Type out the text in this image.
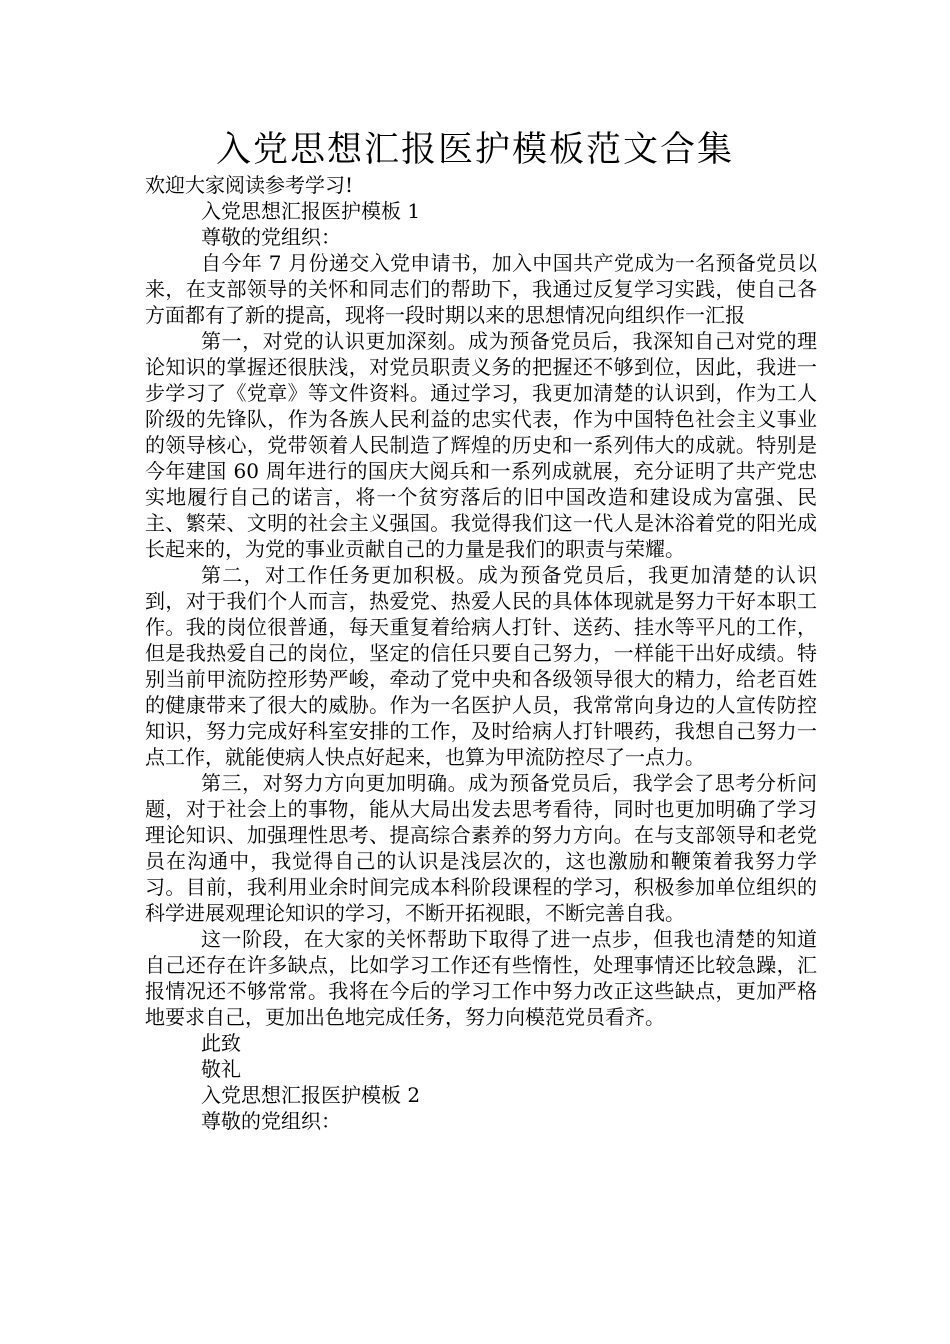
入党思想汇报医护模板范文合集

欢迎大家阅读参考学习!

入党思想汇报医护模板 1

尊敬的党组织：

自今年 7 月份递交入党申请书，加入中国共产党成为一名预备党员以来，在支部领导的关怀和同志们的帮助下，我通过反复学习实践，使自己各方面都有了新的提高，现将一段时期以来的思想情况向组织作一汇报

第一，对党的认识更加深刻。成为预备党员后，我深知自己对党的理论知识的掌握还很肤浅，对党员职责义务的把握还不够到位，因此，我进一步学习了《党章》等文件资料。通过学习，我更加清楚的认识到，作为工人阶级的先锋队，作为各族人民利益的忠实代表，作为中国特色社会主义事业的领导核心，党带领着人民制造了辉煌的历史和一系列伟大的成就。特别是今年建国 60 周年进行的国庆大阅兵和一系列成就展，充分证明了共产党忠实地履行自己的诺言，将一个贫穷落后的旧中国改造和建设成为富强、民主、繁荣、文明的社会主义强国。我觉得我们这一代人是沐浴着党的阳光成长起来的，为党的事业贡献自己的力量是我们的职责与荣耀。

第二，对工作任务更加积极。成为预备党员后，我更加清楚的认识到，对于我们个人而言，热爱党、热爱人民的具体体现就是努力干好本职工作。我的岗位很普通，每天重复着给病人打针、送药、挂水等平凡的工作，但是我热爱自己的岗位，坚定的信任只要自己努力，一样能干出好成绩。特别当前甲流防控形势严峻，牵动了党中央和各级领导很大的精力，给老百姓的健康带来了很大的威胁。作为一名医护人员，我常常向身边的人宣传防控知识，努力完成好科室安排的工作，及时给病人打针喂药，我想自己努力一点工作，就能使病人快点好起来，也算为甲流防控尽了一点力。

第三，对努力方向更加明确。成为预备党员后，我学会了思考分析问题，对于社会上的事物，能从大局出发去思考看待，同时也更加明确了学习理论知识、加强理性思考、提高综合素养的努力方向。在与支部领导和老党员在沟通中，我觉得自己的认识是浅层次的，这也激励和鞭策着我努力学习。目前，我利用业余时间完成本科阶段课程的学习，积极参加单位组织的科学进展观理论知识的学习，不断开拓视眼，不断完善自我。

这一阶段，在大家的关怀帮助下取得了进一点步，但我也清楚的知道自己还存在许多缺点，比如学习工作还有些惰性，处理事情还比较急躁，汇报情况还不够常常。我将在今后的学习工作中努力改正这些缺点，更加严格地要求自己，更加出色地完成任务，努力向模范党员看齐。

此致

敬礼

入党思想汇报医护模板 2

尊敬的党组织：
